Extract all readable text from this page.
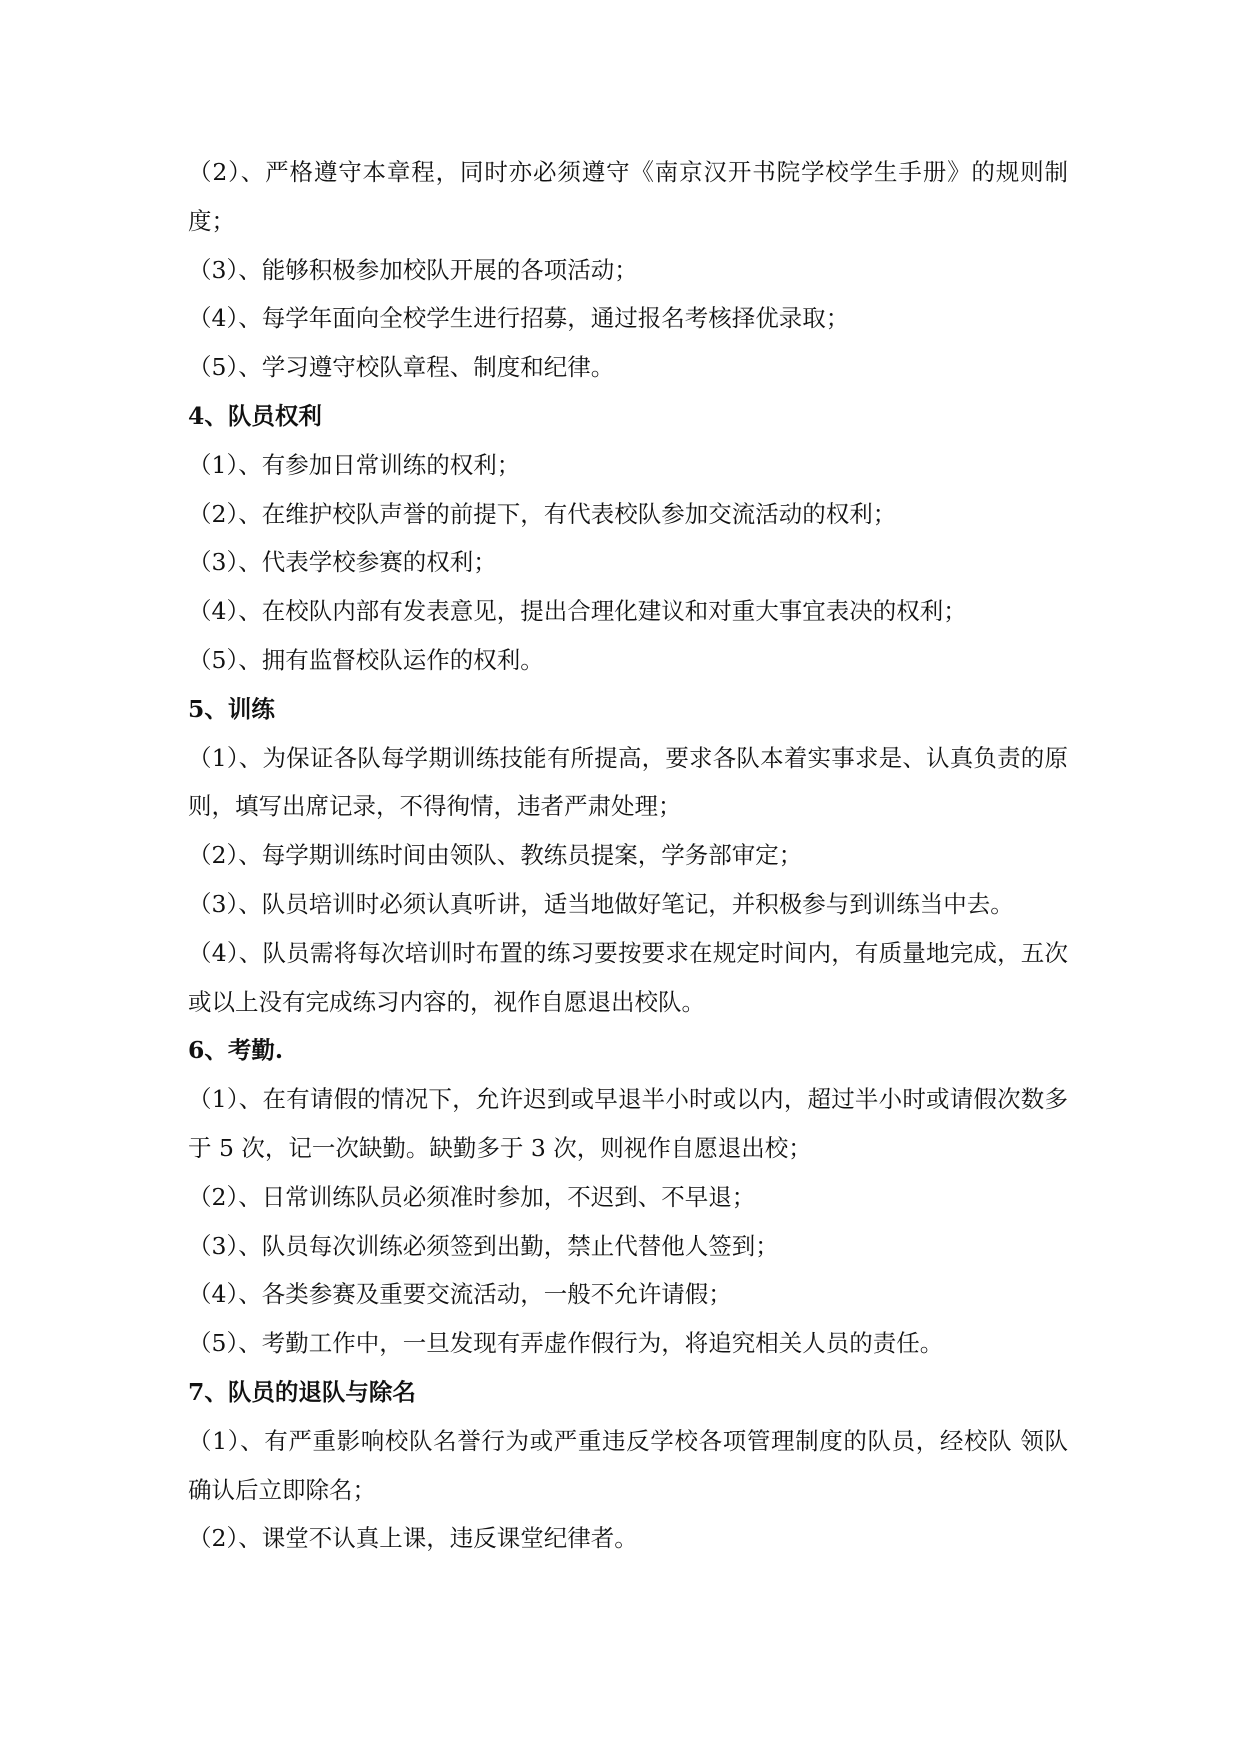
（2）、严格遵守本章程，同时亦必须遵守《南京汉开书院学校学生手册》的规则制度；
（3）、能够积极参加校队开展的各项活动；
（4）、每学年面向全校学生进行招募，通过报名考核择优录取；
（5）、学习遵守校队章程、制度和纪律。
4、队员权利
（1）、有参加日常训练的权利；
（2）、在维护校队声誉的前提下，有代表校队参加交流活动的权利；
（3）、代表学校参赛的权利；
（4）、在校队内部有发表意见，提出合理化建议和对重大事宜表决的权利；
（5）、拥有监督校队运作的权利。
5、训练
（1）、为保证各队每学期训练技能有所提高，要求各队本着实事求是、认真负责的原则，填写出席记录，不得徇情，违者严肃处理；
（2）、每学期训练时间由领队、教练员提案，学务部审定；
（3）、队员培训时必须认真听讲，适当地做好笔记，并积极参与到训练当中去。
（4）、队员需将每次培训时布置的练习要按要求在规定时间内，有质量地完成，五次或以上没有完成练习内容的，视作自愿退出校队。
6、考勤.
（1）、在有请假的情况下，允许迟到或早退半小时或以内，超过半小时或请假次数多于 5 次，记一次缺勤。缺勤多于 3 次，则视作自愿退出校；
（2）、日常训练队员必须准时参加，不迟到、不早退；
（3）、队员每次训练必须签到出勤，禁止代替他人签到；
（4）、各类参赛及重要交流活动，一般不允许请假；
（5）、考勤工作中，一旦发现有弄虚作假行为，将追究相关人员的责任。
7、队员的退队与除名
（1）、有严重影响校队名誉行为或严重违反学校各项管理制度的队员，经校队 领队确认后立即除名；
（2）、课堂不认真上课，违反课堂纪律者。
